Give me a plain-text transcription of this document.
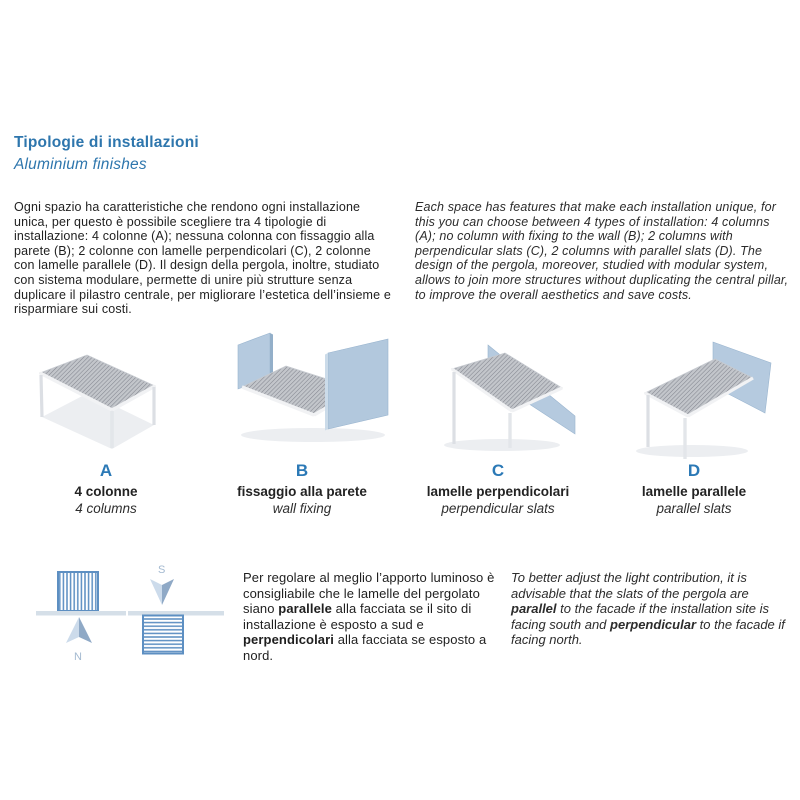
Tipologie di installazioni
Aluminium finishes
Ogni spazio ha caratteristiche che rendono ogni installazione unica, per questo è possibile scegliere tra 4 tipologie di installazione: 4 colonne (A); nessuna colonna con fissaggio alla parete (B); 2 colonne con lamelle perpendicolari (C), 2 colonne con lamelle parallele (D). Il design della pergola, inoltre, studiato con sistema modulare, permette di unire più strutture senza duplicare il pilastro centrale, per migliorare l’estetica dell’insieme e risparmiare sui costi.
Each space has features that make each installation unique, for this you can choose between 4 types of installation: 4 columns (A); no column with fixing to the wall (B); 2 columns with perpendicular slats (C), 2 columns with parallel slats (D). The design of the pergola, moreover, studied with modular system, allows to join more structures without duplicating the central pillar, to improve the overall aesthetics and save costs.
A
4 colonne
4 columns
B
fissaggio alla parete
wall fixing
C
lamelle perpendicolari
perpendicular slats
D
lamelle parallele
parallel slats
N
S	Per regolare al meglio l’apporto luminoso è consigliabile che le lamelle del pergolato siano parallele alla facciata se il sito di installazione è esposto a sud e perpendicolari alla facciata se esposto a nord.

To better adjust the light contribution, it is advisable that the slats of the pergola are parallel to the facade if the installation site is facing south and perpendicular to the facade if facing north.
